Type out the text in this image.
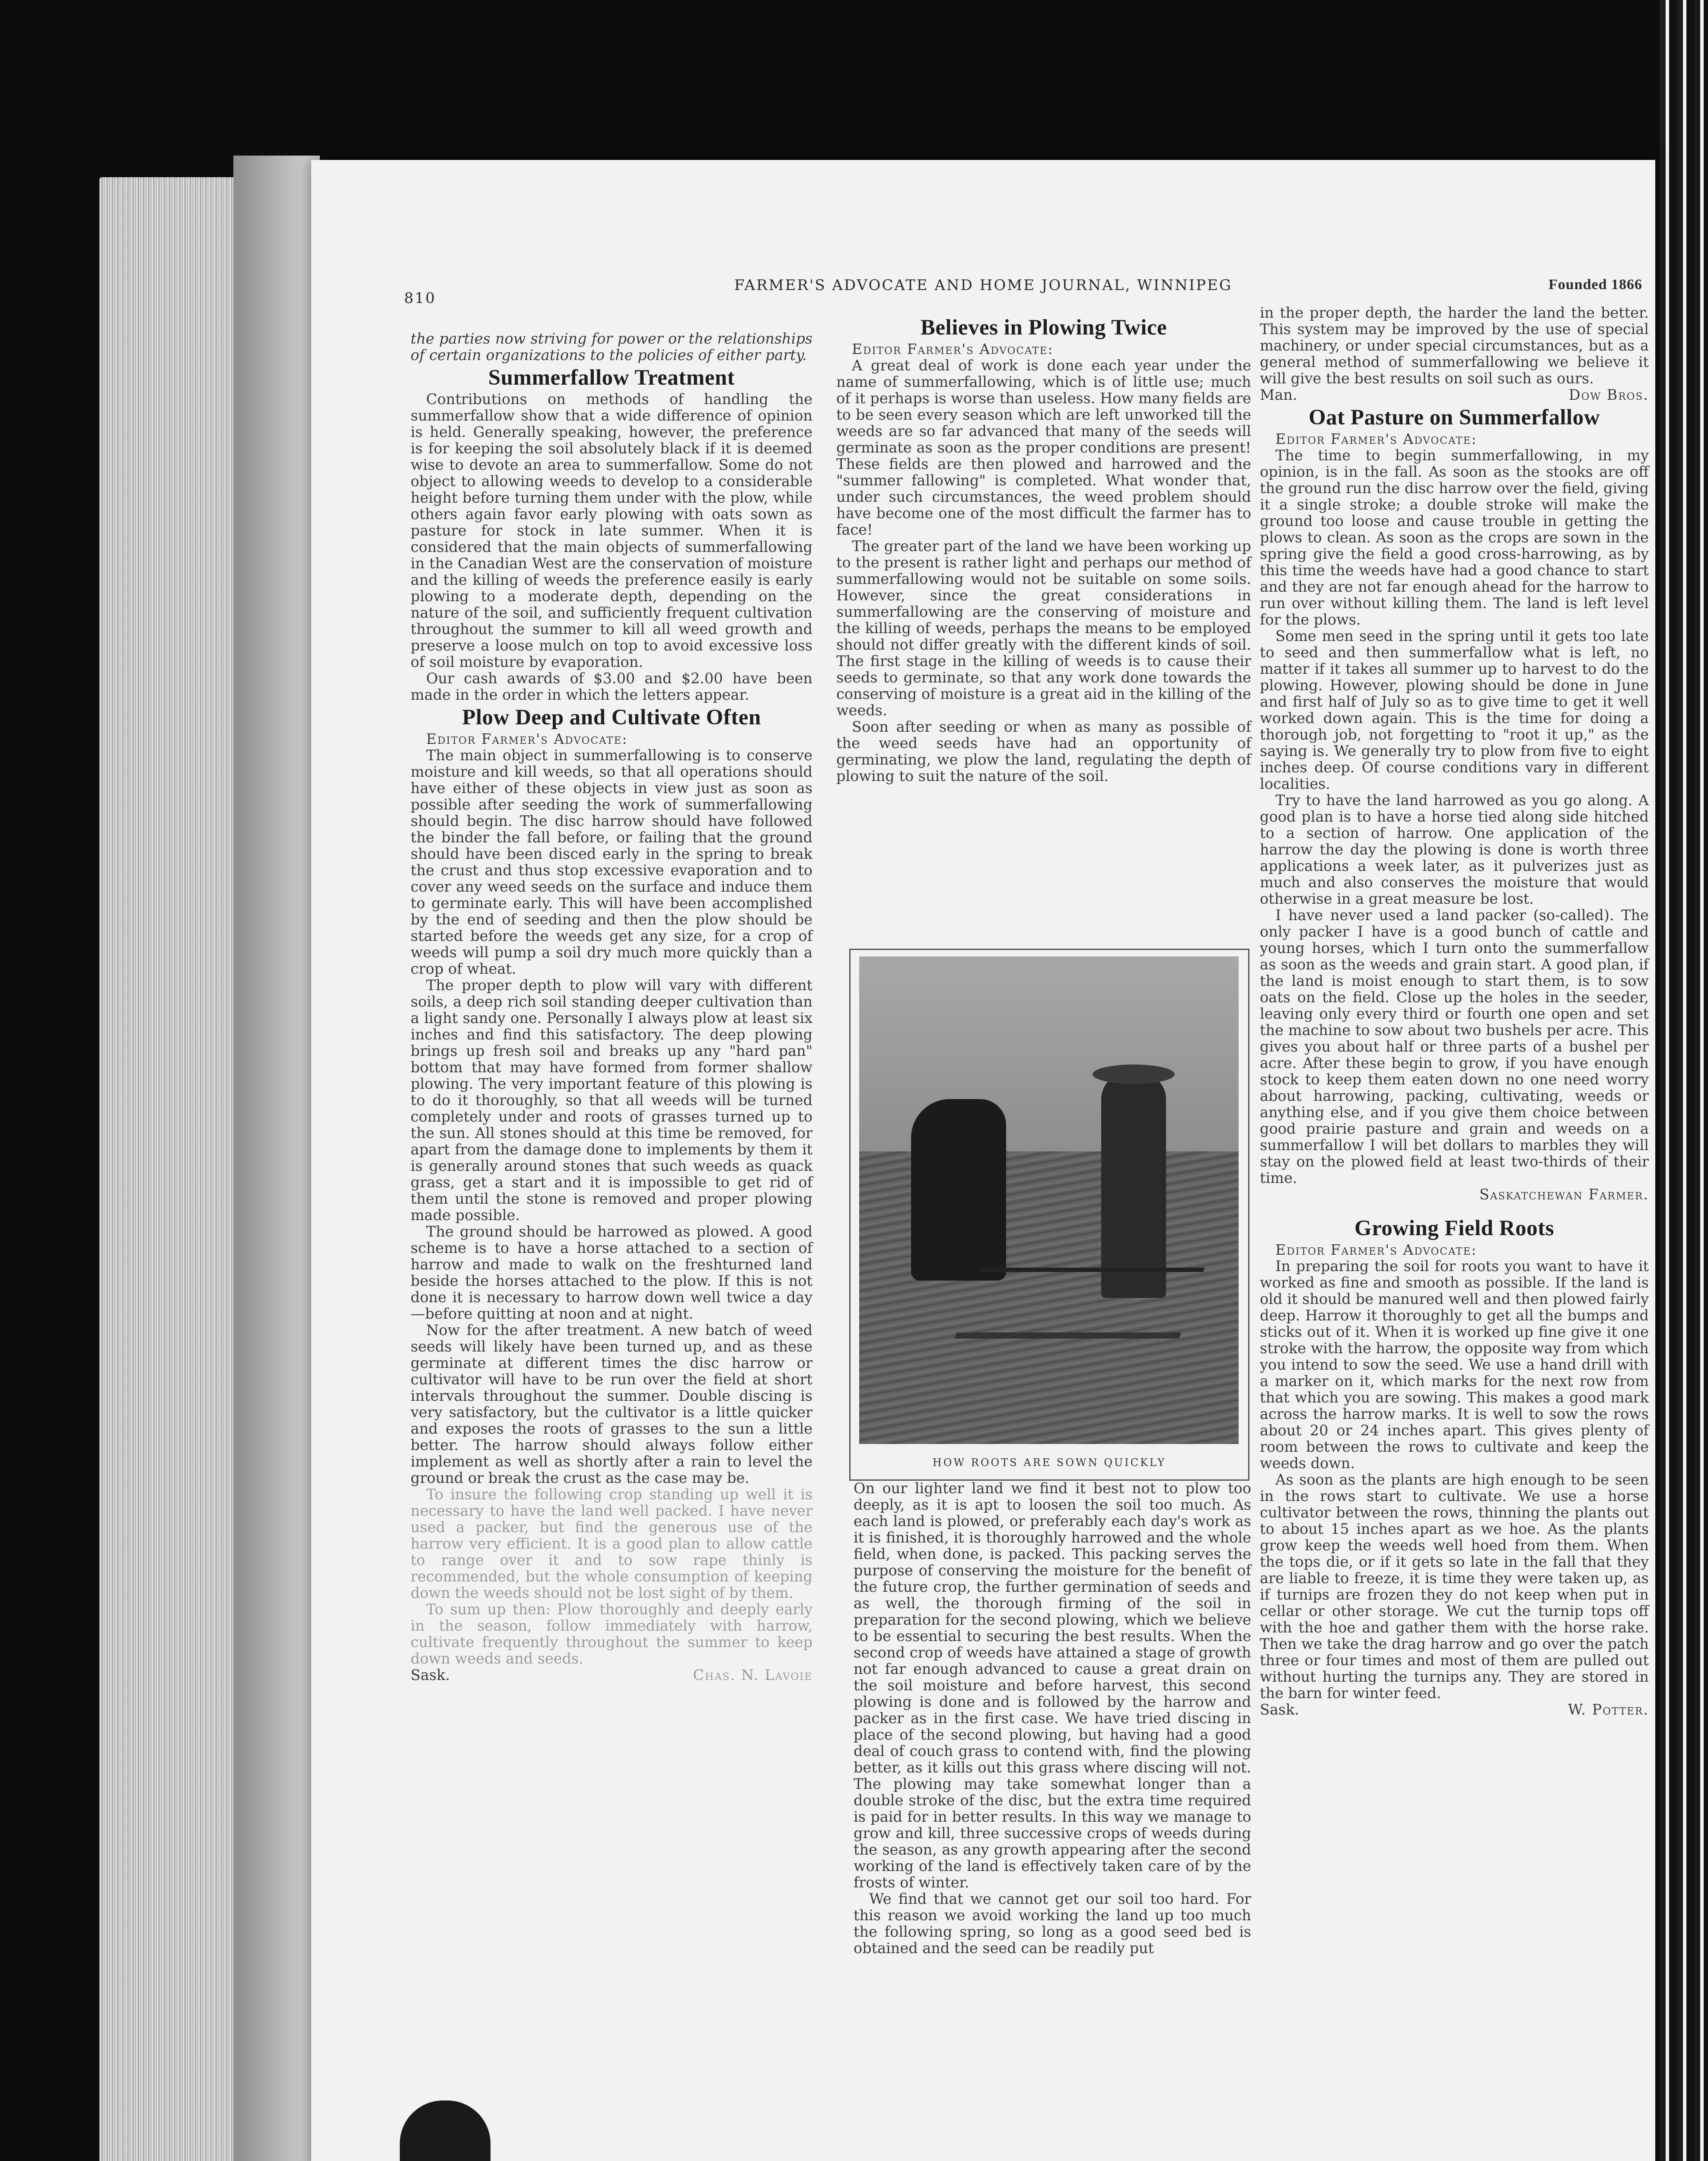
810
FARMER'S ADVOCATE AND HOME JOURNAL, WINNIPEG	Founded 1866

the parties now striving for power or the relationships of certain organizations to the policies of either party.

Summerfallow Treatment

Contributions on methods of handling the summerfallow show that a wide difference of opinion is held. Generally speaking, however, the preference is for keeping the soil absolutely black if it is deemed wise to devote an area to summerfallow. Some do not object to allowing weeds to develop to a considerable height before turning them under with the plow, while others again favor early plowing with oats sown as pasture for stock in late summer. When it is considered that the main objects of summerfallowing in the Canadian West are the conservation of moisture and the killing of weeds the preference easily is early plowing to a moderate depth, depending on the nature of the soil, and sufficiently frequent cultivation throughout the summer to kill all weed growth and preserve a loose mulch on top to avoid excessive loss of soil moisture by evaporation.

Our cash awards of $3.00 and $2.00 have been made in the order in which the letters appear.

Plow Deep and Cultivate Often

Editor Farmer's Advocate:

The main object in summerfallowing is to conserve moisture and kill weeds, so that all operations should have either of these objects in view just as soon as possible after seeding the work of summerfallowing should begin. The disc harrow should have followed the binder the fall before, or failing that the ground should have been disced early in the spring to break the crust and thus stop excessive evaporation and to cover any weed seeds on the surface and induce them to germinate early. This will have been accomplished by the end of seeding and then the plow should be started before the weeds get any size, for a crop of weeds will pump a soil dry much more quickly than a crop of wheat.

The proper depth to plow will vary with different soils, a deep rich soil standing deeper cultivation than a light sandy one. Personally I always plow at least six inches and find this satisfactory. The deep plowing brings up fresh soil and breaks up any "hard pan" bottom that may have formed from former shallow plowing. The very important feature of this plowing is to do it thoroughly, so that all weeds will be turned completely under and roots of grasses turned up to the sun. All stones should at this time be removed, for apart from the damage done to implements by them it is generally around stones that such weeds as quack grass, get a start and it is impossible to get rid of them until the stone is removed and proper plowing made possible.

The ground should be harrowed as plowed. A good scheme is to have a horse attached to a section of harrow and made to walk on the freshturned land beside the horses attached to the plow. If this is not done it is necessary to harrow down well twice a day—before quitting at noon and at night.

Now for the after treatment. A new batch of weed seeds will likely have been turned up, and as these germinate at different times the disc harrow or cultivator will have to be run over the field at short intervals throughout the summer. Double discing is very satisfactory, but the cultivator is a little quicker and exposes the roots of grasses to the sun a little better. The harrow should always follow either implement as well as shortly after a rain to level the ground or break the crust as the case may be.

To insure the following crop standing up well it is necessary to have the land well packed. I have never used a packer, but find the generous use of the harrow very efficient. It is a good plan to allow cattle to range over it and to sow rape thinly is recommended, but the whole consumption of keeping down the weeds should not be lost sight of by them.

To sum up then: Plow thoroughly and deeply early in the season, follow immediately with harrow, cultivate frequently throughout the summer to keep down weeds and seeds.

Sask.	Chas. N. Lavoie
Believes in Plowing Twice

Editor Farmer's Advocate:

A great deal of work is done each year under the name of summerfallowing, which is of little use; much of it perhaps is worse than useless. How many fields are to be seen every season which are left unworked till the weeds are so far advanced that many of the seeds will germinate as soon as the proper conditions are present! These fields are then plowed and harrowed and the "summer fallowing" is completed. What wonder that, under such circumstances, the weed problem should have become one of the most difficult the farmer has to face!

The greater part of the land we have been working up to the present is rather light and perhaps our method of summerfallowing would not be suitable on some soils. However, since the great considerations in summerfallowing are the conserving of moisture and the killing of weeds, perhaps the means to be employed should not differ greatly with the different kinds of soil. The first stage in the killing of weeds is to cause their seeds to germinate, so that any work done towards the conserving of moisture is a great aid in the killing of the weeds.

Soon after seeding or when as many as possible of the weed seeds have had an opportunity of germinating, we plow the land, regulating the depth of plowing to suit the nature of the soil.

HOW ROOTS ARE SOWN QUICKLY

On our lighter land we find it best not to plow too deeply, as it is apt to loosen the soil too much. As each land is plowed, or preferably each day's work as it is finished, it is thoroughly harrowed and the whole field, when done, is packed. This packing serves the purpose of conserving the moisture for the benefit of the future crop, the further germination of seeds and as well, the thorough firming of the soil in preparation for the second plowing, which we believe to be essential to securing the best results. When the second crop of weeds have attained a stage of growth not far enough advanced to cause a great drain on the soil moisture and before harvest, this second plowing is done and is followed by the harrow and packer as in the first case. We have tried discing in place of the second plowing, but having had a good deal of couch grass to contend with, find the plowing better, as it kills out this grass where discing will not. The plowing may take somewhat longer than a double stroke of the disc, but the extra time required is paid for in better results. In this way we manage to grow and kill, three successive crops of weeds during the season, as any growth appearing after the second working of the land is effectively taken care of by the frosts of winter.

We find that we cannot get our soil too hard. For this reason we avoid working the land up too much the following spring, so long as a good seed bed is obtained and the seed can be readily put

in the proper depth, the harder the land the better. This system may be improved by the use of special machinery, or under special circumstances, but as a general method of summerfallowing we believe it will give the best results on soil such as ours.

Man.	Dow Bros.
Oat Pasture on Summerfallow

Editor Farmer's Advocate:

The time to begin summerfallowing, in my opinion, is in the fall. As soon as the stooks are off the ground run the disc harrow over the field, giving it a single stroke; a double stroke will make the ground too loose and cause trouble in getting the plows to clean. As soon as the crops are sown in the spring give the field a good cross-harrowing, as by this time the weeds have had a good chance to start and they are not far enough ahead for the harrow to run over without killing them. The land is left level for the plows.

Some men seed in the spring until it gets too late to seed and then summerfallow what is left, no matter if it takes all summer up to harvest to do the plowing. However, plowing should be done in June and first half of July so as to give time to get it well worked down again. This is the time for doing a thorough job, not forgetting to "root it up," as the saying is. We generally try to plow from five to eight inches deep. Of course conditions vary in different localities.

Try to have the land harrowed as you go along. A good plan is to have a horse tied along side hitched to a section of harrow. One application of the harrow the day the plowing is done is worth three applications a week later, as it pulverizes just as much and also conserves the moisture that would otherwise in a great measure be lost.

I have never used a land packer (so-called). The only packer I have is a good bunch of cattle and young horses, which I turn onto the summerfallow as soon as the weeds and grain start. A good plan, if the land is moist enough to start them, is to sow oats on the field. Close up the holes in the seeder, leaving only every third or fourth one open and set the machine to sow about two bushels per acre. This gives you about half or three parts of a bushel per acre. After these begin to grow, if you have enough stock to keep them eaten down no one need worry about harrowing, packing, cultivating, weeds or anything else, and if you give them choice between good prairie pasture and grain and weeds on a summerfallow I will bet dollars to marbles they will stay on the plowed field at least two-thirds of their time.

Saskatchewan Farmer.
Growing Field Roots

Editor Farmer's Advocate:

In preparing the soil for roots you want to have it worked as fine and smooth as possible. If the land is old it should be manured well and then plowed fairly deep. Harrow it thoroughly to get all the bumps and sticks out of it. When it is worked up fine give it one stroke with the harrow, the opposite way from which you intend to sow the seed. We use a hand drill with a marker on it, which marks for the next row from that which you are sowing. This makes a good mark across the harrow marks. It is well to sow the rows about 20 or 24 inches apart. This gives plenty of room between the rows to cultivate and keep the weeds down.

As soon as the plants are high enough to be seen in the rows start to cultivate. We use a horse cultivator between the rows, thinning the plants out to about 15 inches apart as we hoe. As the plants grow keep the weeds well hoed from them. When the tops die, or if it gets so late in the fall that they are liable to freeze, it is time they were taken up, as if turnips are frozen they do not keep when put in cellar or other storage. We cut the turnip tops off with the hoe and gather them with the horse rake. Then we take the drag harrow and go over the patch three or four times and most of them are pulled out without hurting the turnips any. They are stored in the barn for winter feed.

Sask.	W. Potter.
